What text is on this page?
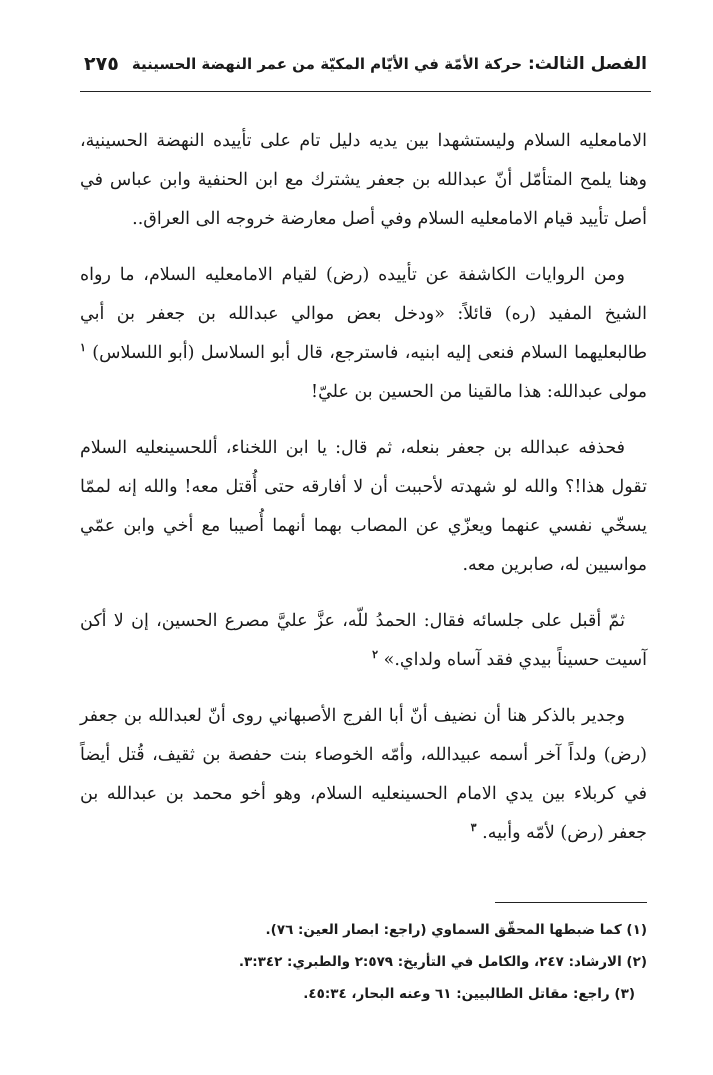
الفصل الثالث: حركة الأمّة في الأيّام المكيّة من عمر النهضة الحسينية
٢٧٥

الامامعليه السلام وليستشهدا بين يديه دليل تام على تأييده النهضة الحسينية، وهنا يلمح المتأمّل أنّ عبدالله بن جعفر يشترك مع ابن الحنفية وابن عباس في أصل تأييد قيام الامامعليه السلام وفي أصل معارضة خروجه الى العراق..

ومن الروايات الكاشفة عن تأييده (رض) لقيام الامامعليه السلام، ما رواه الشيخ المفيد (ره) قائلاً: «ودخل بعض موالي عبدالله بن جعفر بن أبي طالبعليهما السلام فنعى إليه ابنيه، فاسترجع، قال أبو السلاسل (أبو اللسلاس) $^١$ مولى عبدالله: هذا مالقينا من الحسين بن عليّ!

فحذفه عبدالله بن جعفر بنعله، ثم قال: يا ابن اللخناء، أللحسينعليه السلام تقول هذا!؟ والله لو شهدته لأحببت أن لا أفارقه حتى أُقتل معه! والله إنه لممّا يسخّي نفسي عنهما ويعزّي عن المصاب بهما أنهما أُصيبا مع أخي وابن عمّي مواسيين له، صابرين معه.

ثمّ أقبل على جلسائه فقال: الحمدُ للّه، عزَّ عليَّ مصرع الحسين، إن لا أكن آسيت حسيناً بيدي فقد آساه ولداي.» $^٢$

وجدير بالذكر هنا أن نضيف أنّ أبا الفرج الأصبهاني روى أنّ لعبدالله بن جعفر (رض) ولداً آخر أسمه عبيدالله، وأمّه الخوصاء بنت حفصة بن ثقيف، قُتل أيضاً في كربلاء بين يدي الامام الحسينعليه السلام، وهو أخو محمد بن عبدالله بن جعفر (رض) لأمّه وأبيه. $^٣$

(١) كما ضبطها المحقّق السماوي (راجع: ابصار العين: ٧٦).

(٢) الارشاد: ٢٤٧، والكامل في التأريخ: ٢:٥٧٩ والطبري: ٣:٣٤٢.

(٣) راجع: مقاتل الطالبيين: ٦١ وعنه البحار، ٤٥:٣٤.
